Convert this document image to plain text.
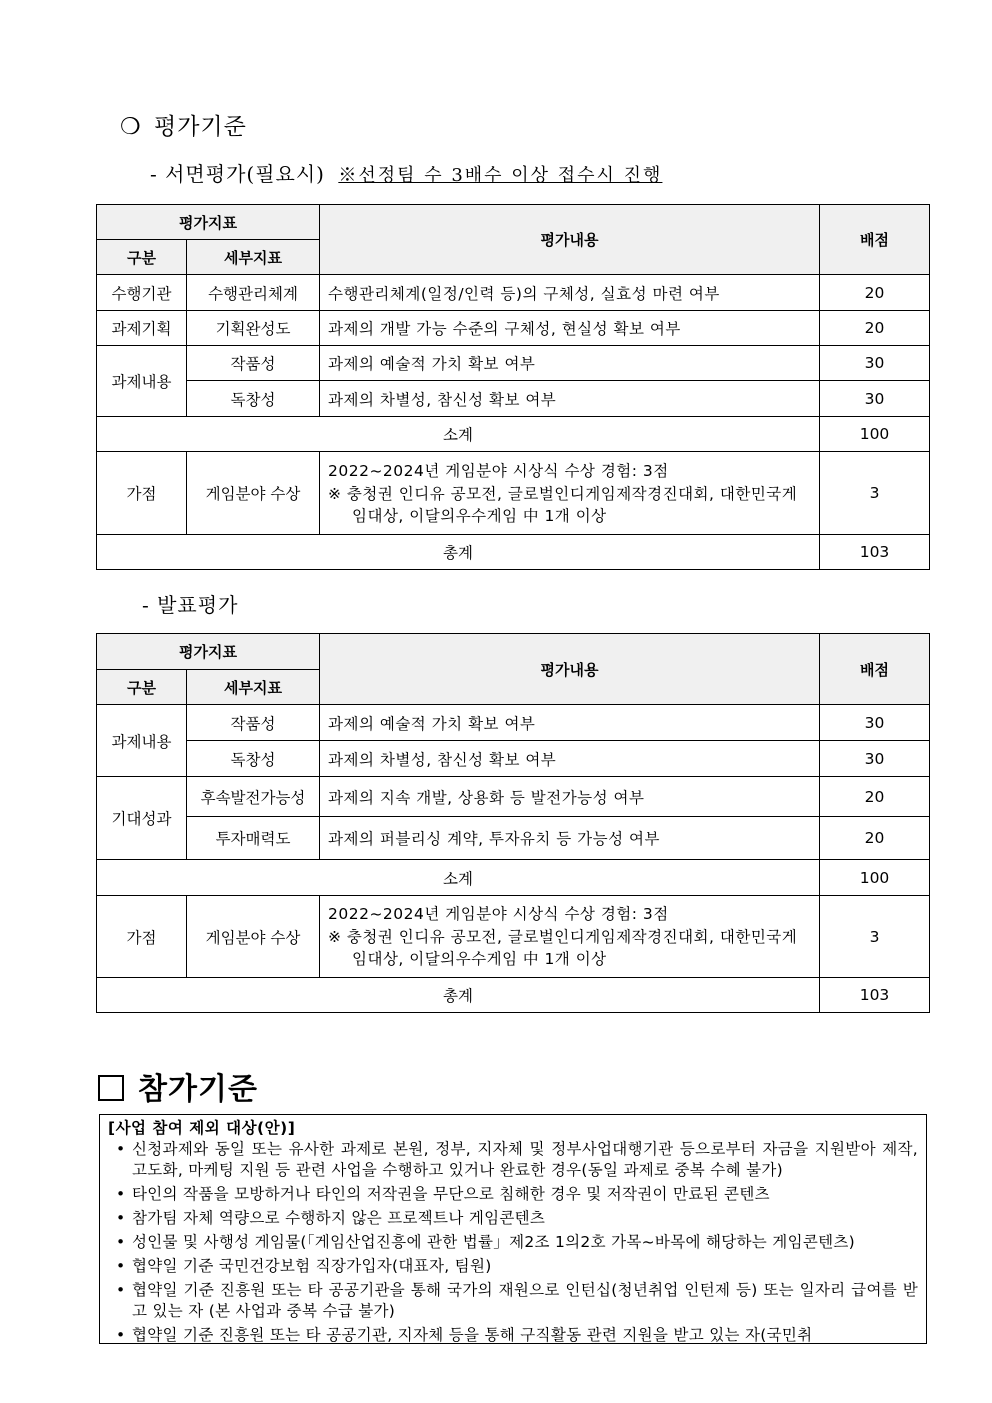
❍ 평가기준
- 서면평가(필요시) ※선정팀 수 3배수 이상 접수시 진행
평가지표		평가내용	배점
구분	세부지표		
수행기관	수행관리체계	수행관리체계(일정/인력 등)의 구체성, 실효성 마련 여부	20
과제기획	기획완성도	과제의 개발 가능 수준의 구체성, 현실성 확보 여부	20
과제내용	작품성	과제의 예술적 가치 확보 여부	30
	독창성	과제의 차별성, 참신성 확보 여부	30
소계			100
가점	게임분야 수상	2022~2024년 게임분야 시상식 수상 경험: 3점
※ 충청권 인디유 공모전, 글로벌인디게임제작경진대회, 대한민국게임대상, 이달의우수게임 中 1개 이상	3
총계			103
- 발표평가
평가지표		평가내용	배점
구분	세부지표		
과제내용	작품성	과제의 예술적 가치 확보 여부	30
	독창성	과제의 차별성, 참신성 확보 여부	30
기대성과	후속발전가능성	과제의 지속 개발, 상용화 등 발전가능성 여부	20
	투자매력도	과제의 퍼블리싱 계약, 투자유치 등 가능성 여부	20
소계			100
가점	게임분야 수상	2022~2024년 게임분야 시상식 수상 경험: 3점
※ 충청권 인디유 공모전, 글로벌인디게임제작경진대회, 대한민국게임대상, 이달의우수게임 中 1개 이상	3
총계			103
참가기준
[사업 참여 제외 대상(안)]
• 신청과제와 동일 또는 유사한 과제로 본원, 정부, 지자체 및 정부사업대행기관 등으로부터 자금을 지원받아 제작, 고도화, 마케팅 지원 등 관련 사업을 수행하고 있거나 완료한 경우(동일 과제로 중복 수혜 불가)
• 타인의 작품을 모방하거나 타인의 저작권을 무단으로 침해한 경우 및 저작권이 만료된 콘텐츠
• 참가팀 자체 역량으로 수행하지 않은 프로젝트나 게임콘텐츠
• 성인물 및 사행성 게임물(「게임산업진흥에 관한 법률」제2조 1의2호 가목~바목에 해당하는 게임콘텐츠)
• 협약일 기준 국민건강보험 직장가입자(대표자, 팀원)
• 협약일 기준 진흥원 또는 타 공공기관을 통해 국가의 재원으로 인턴십(청년취업 인턴제 등) 또는 일자리 급여를 받고 있는 자 (본 사업과 중복 수급 불가)
• 협약일 기준 진흥원 또는 타 공공기관, 지자체 등을 통해 구직활동 관련 지원을 받고 있는 자(국민취
